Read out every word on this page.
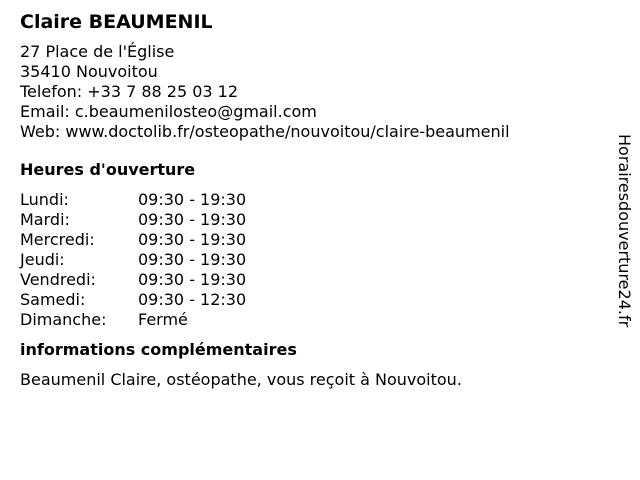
Claire BEAUMENIL
27 Place de l'Église
35410 Nouvoitou
Telefon: +33 7 88 25 03 12
Email: c.beaumenilosteo@gmail.com
Web: www.doctolib.fr/osteopathe/nouvoitou/claire-beaumenil
Heures d'ouverture
Lundi:	09:30 - 19:30
Mardi:	09:30 - 19:30
Mercredi:	09:30 - 19:30
Jeudi:	09:30 - 19:30
Vendredi:	09:30 - 19:30
Samedi:	09:30 - 12:30
Dimanche:	Fermé
informations complémentaires
Beaumenil Claire, ostéopathe, vous reçoit à Nouvoitou.
Horairesdouverture24.fr
